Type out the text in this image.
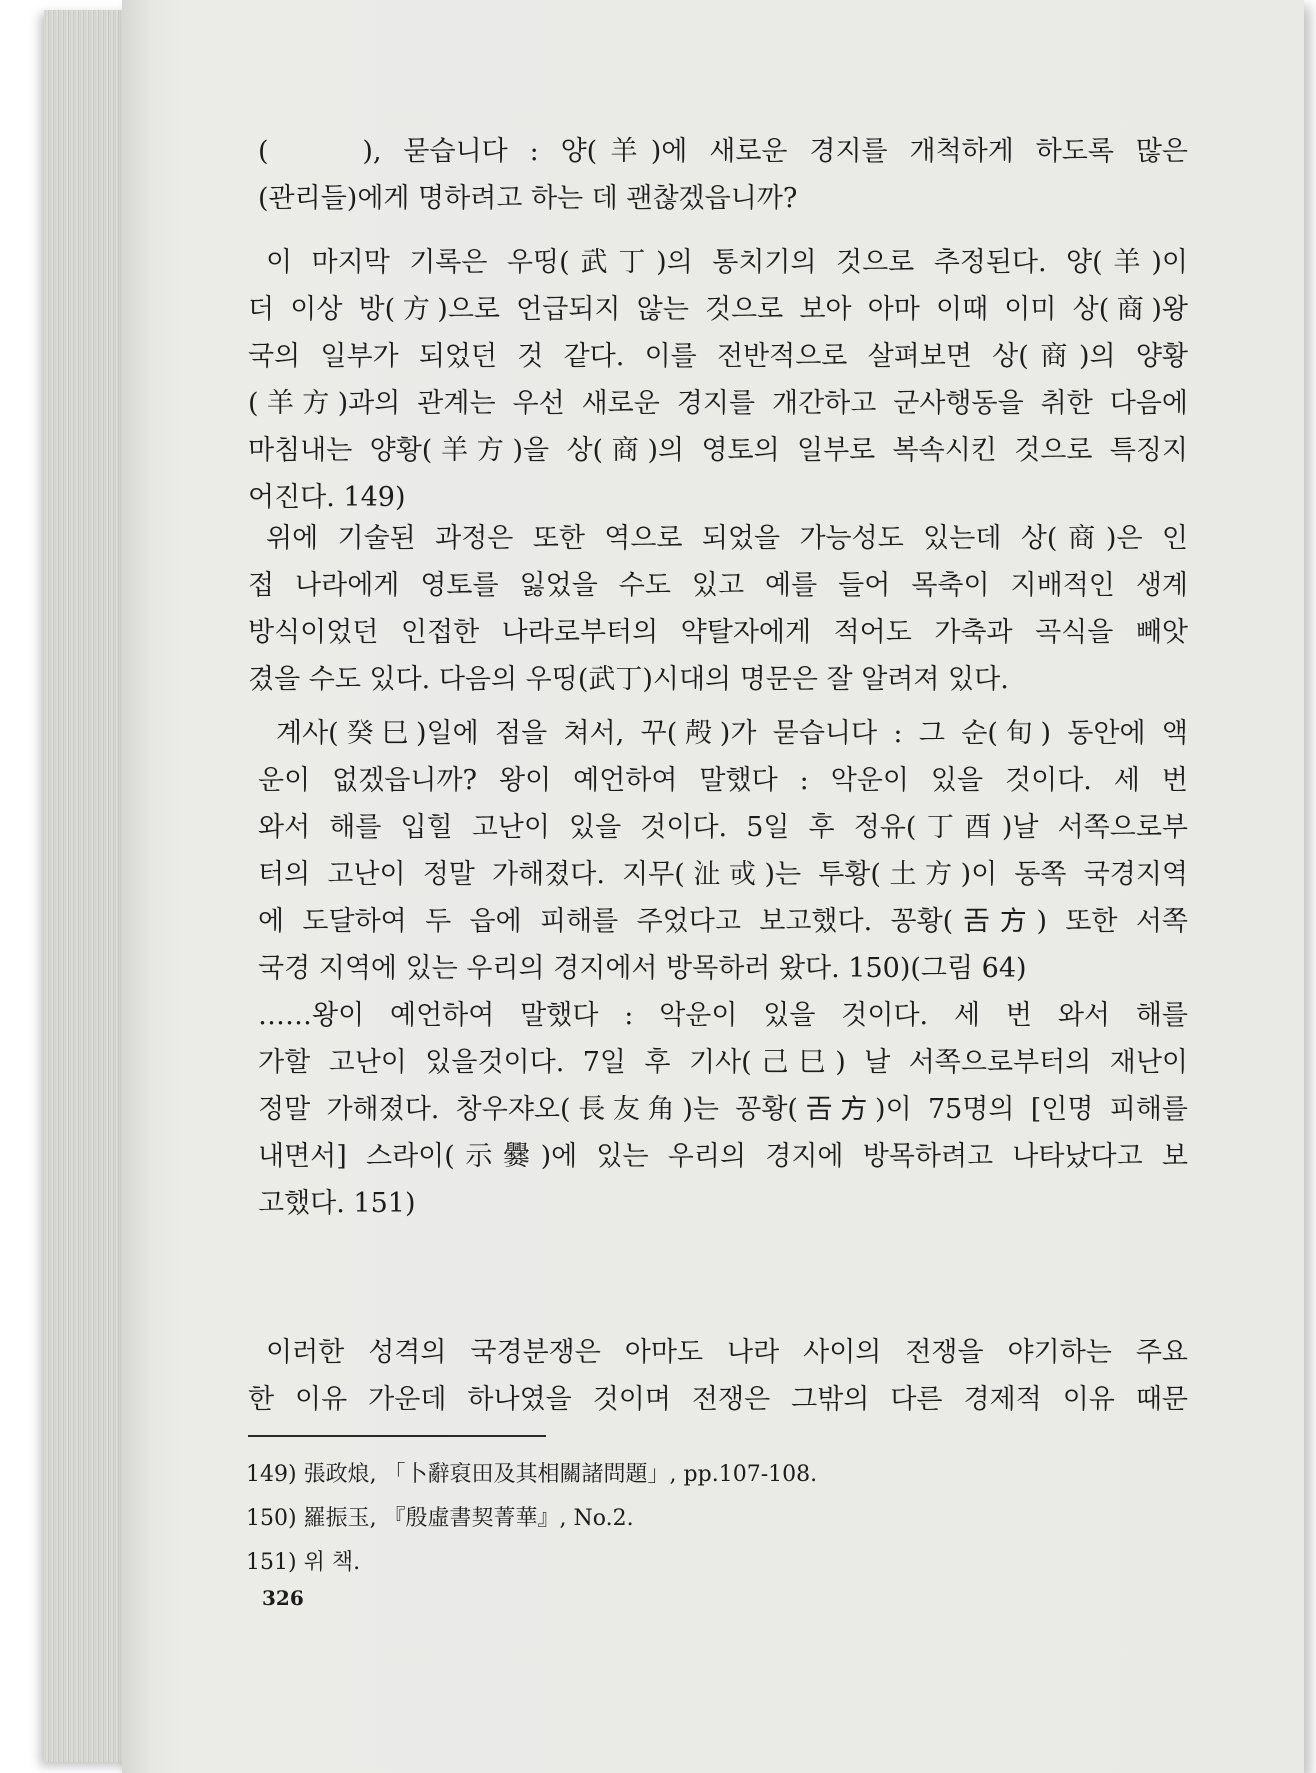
(　　), 묻습니다 : 양(羊)에 새로운 경지를 개척하게 하도록 많은
(관리들)에게 명하려고 하는 데 괜찮겠읍니까?
이 마지막 기록은 우띵(武丁)의 통치기의 것으로 추정된다. 양(羊)이
더 이상 방(方)으로 언급되지 않는 것으로 보아 아마 이때 이미 상(商)왕
국의 일부가 되었던 것 같다. 이를 전반적으로 살펴보면 상(商)의 양황
(羊方)과의 관계는 우선 새로운 경지를 개간하고 군사행동을 취한 다음에
마침내는 양황(羊方)을 상(商)의 영토의 일부로 복속시킨 것으로 특징지
어진다. 149)
위에 기술된 과정은 또한 역으로 되었을 가능성도 있는데 상(商)은 인
접 나라에게 영토를 잃었을 수도 있고 예를 들어 목축이 지배적인 생계
방식이었던 인접한 나라로부터의 약탈자에게 적어도 가축과 곡식을 빼앗
겼을 수도 있다. 다음의 우띵(武丁)시대의 명문은 잘 알려져 있다.
계사(癸巳)일에 점을 쳐서, 꾸(殸)가 묻습니다 : 그 순(旬) 동안에 액
운이 없겠읍니까? 왕이 예언하여 말했다 : 악운이 있을 것이다. 세 번
와서 해를 입힐 고난이 있을 것이다. 5일 후 정유(丁酉)날 서쪽으로부
터의 고난이 정말 가해졌다. 지무(沚戓)는 투황(土方)이 동쪽 국경지역
에 도달하여 두 읍에 피해를 주었다고 보고했다. 꽁황(𢀛方) 또한 서쪽
국경 지역에 있는 우리의 경지에서 방목하러 왔다. 150)(그림 64)
……왕이 예언하여 말했다 : 악운이 있을 것이다. 세 번 와서 해를
가할 고난이 있을것이다. 7일 후 기사(己巳) 날 서쪽으로부터의 재난이
정말 가해졌다. 창우쟈오(長友角)는 꽁황(𢀛方)이 75명의 [인명 피해를
내면서] 스라이(示爨)에 있는 우리의 경지에 방목하려고 나타났다고 보
고했다. 151)
이러한 성격의 국경분쟁은 아마도 나라 사이의 전쟁을 야기하는 주요
한 이유 가운데 하나였을 것이며 전쟁은 그밖의 다른 경제적 이유 때문
149) 張政烺, 「卜辭裒田及其相關諸問題」, pp.107-108.
150) 羅振玉, 『殷虛書契菁華』, No.2.
151) 위 책.
326
